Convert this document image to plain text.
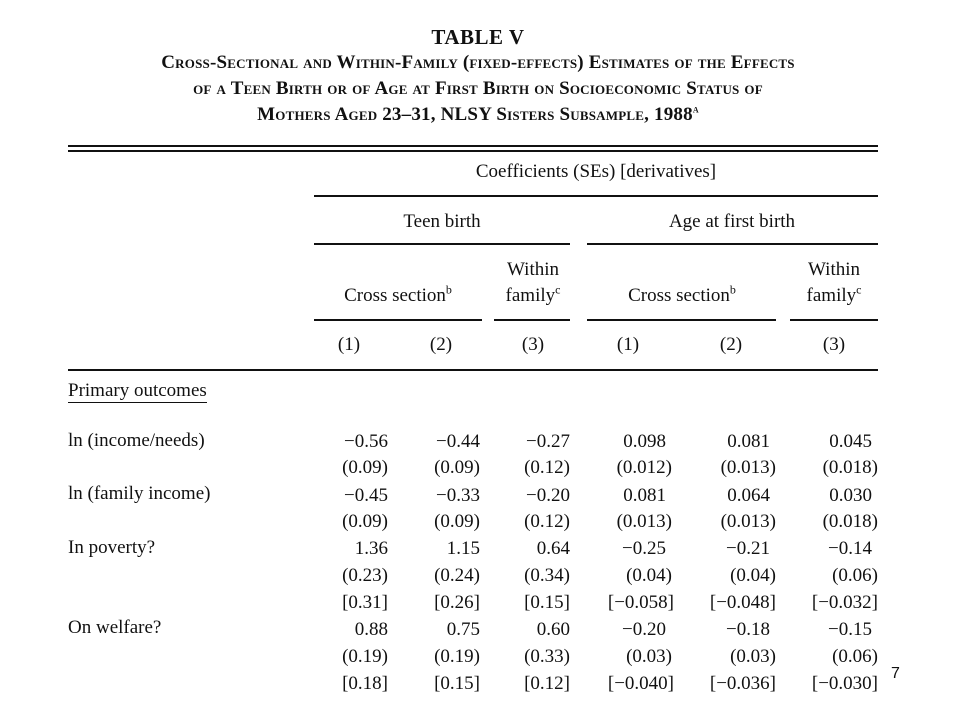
TABLE V
Cross-Sectional and Within-Family (fixed-effects) Estimates of the Effects
of a Teen Birth or of Age at First Birth on Socioeconomic Status of
Mothers Aged 23–31, NLSY Sisters Subsample, 1988$^a$
Coefficients (SEs) [derivatives]
Teen birth	Age at first birth
Cross section$^b$
Within
family$^c$	Cross section$^b$
Within
family$^c$
(1)	(2)	(3)	(1)	(2)	(3)
Primary outcomes
ln (income/needs)	−0.56	−0.44 −0.27	0.098	0.081	0.045
(0.09) (0.09) (0.12) (0.012)	(0.013) (0.018)
ln (family income)	−0.45	−0.33 −0.20	0.081	0.064	0.030
(0.09) (0.09) (0.12) (0.013)	(0.013) (0.018)
In poverty?	1.36	1.15	0.64	−0.25	−0.21	−0.14
(0.23) (0.24) (0.34)	(0.04)	(0.04)	(0.06)
[0.31] [0.26] [0.15] [−0.058] [−0.048] [−0.032]
On welfare?	0.88	0.75	0.60	−0.20	−0.18	−0.15
(0.19) (0.19) (0.33)	(0.03)	(0.03)	(0.06)
[0.18] [0.15] [0.12] [−0.040] [−0.036] [−0.030] 7
